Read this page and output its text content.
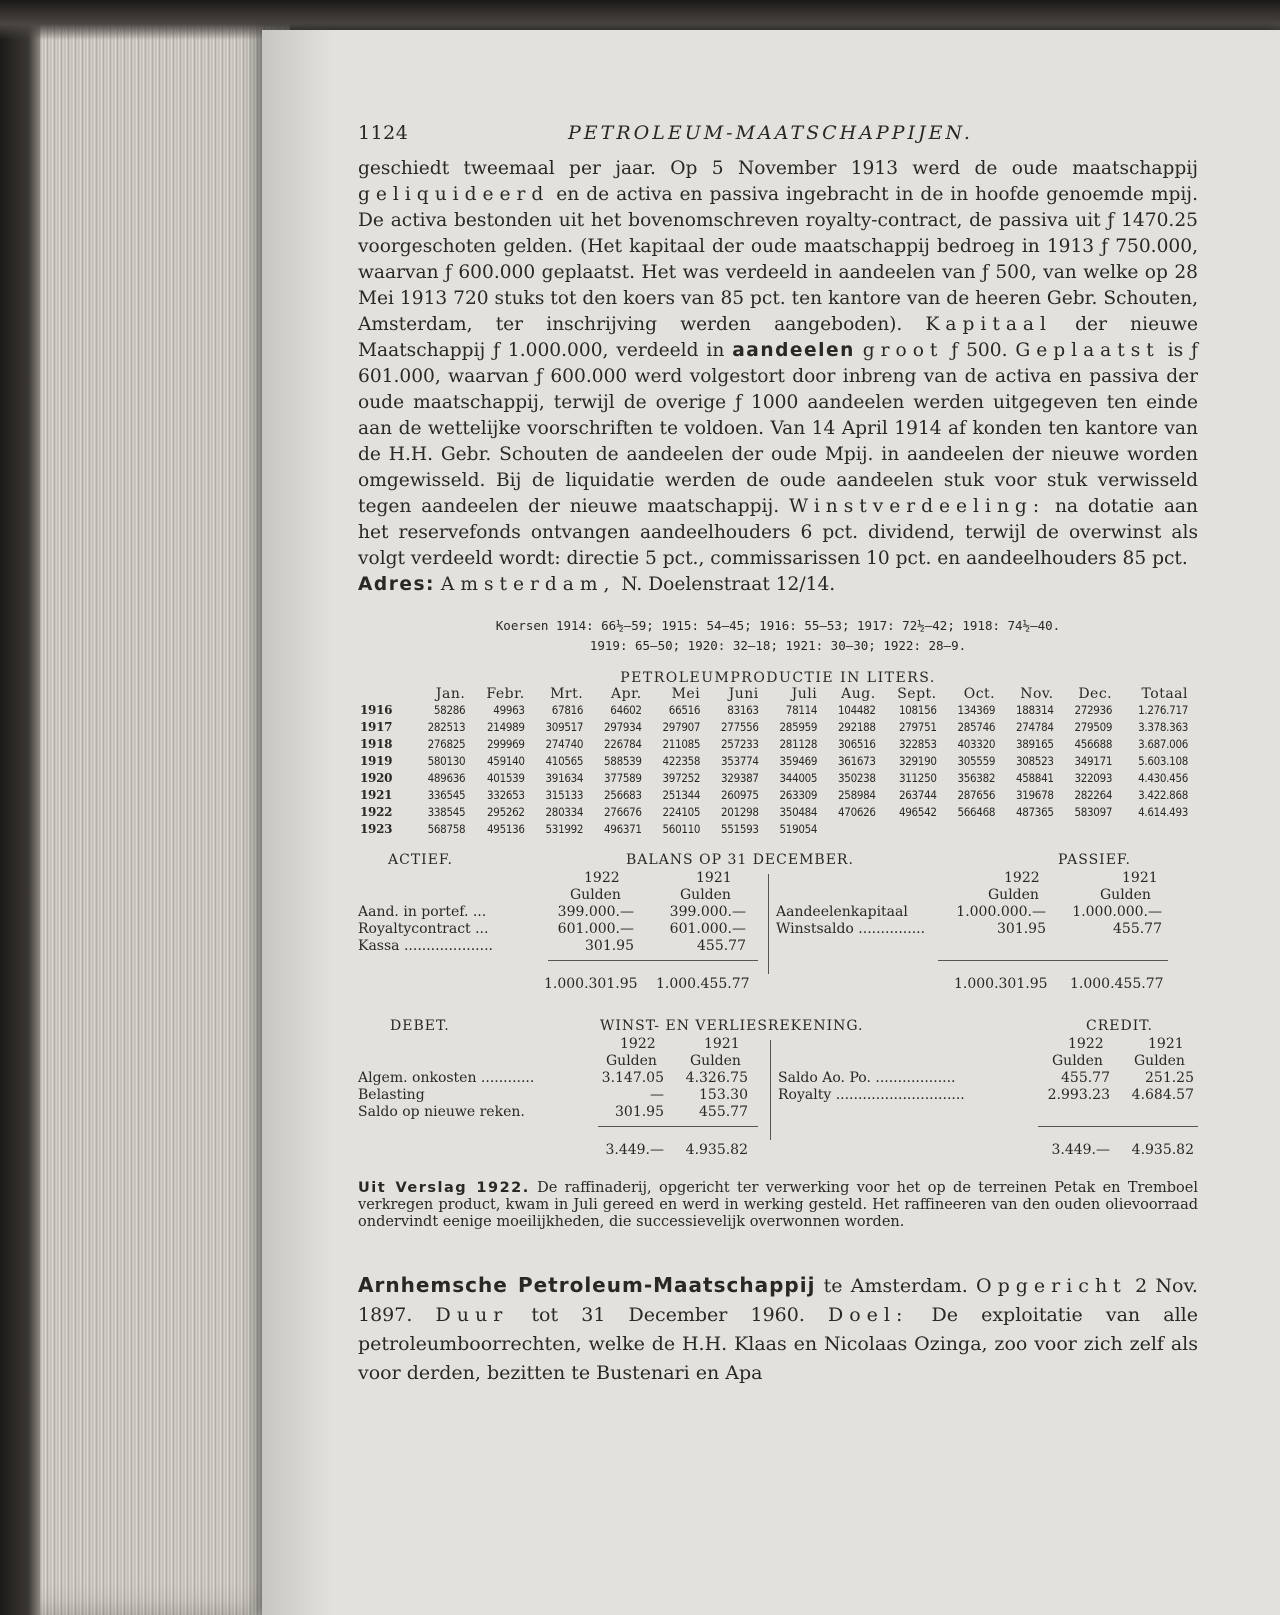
1124	PETROLEUM-MAATSCHAPPIJEN.

geschiedt tweemaal per jaar. Op 5 November 1913 werd de oude maatschappij geliquideerd en de activa en passiva ingebracht in de in hoofde genoemde mpij. De activa bestonden uit het bovenomschreven royalty-contract, de passiva uit ƒ 1470.25 voorgeschoten gelden. (Het kapitaal der oude maatschappij bedroeg in 1913 ƒ 750.000, waarvan ƒ 600.000 geplaatst. Het was verdeeld in aandeelen van ƒ 500, van welke op 28 Mei 1913 720 stuks tot den koers van 85 pct. ten kantore van de heeren Gebr. Schouten, Amsterdam, ter inschrijving werden aangeboden). Kapitaal der nieuwe Maatschappij ƒ 1.000.000, verdeeld in aandeelen groot ƒ 500. Geplaatst is ƒ 601.000, waarvan ƒ 600.000 werd volgestort door inbreng van de activa en passiva der oude maatschappij, terwijl de overige ƒ 1000 aandeelen werden uitgegeven ten einde aan de wettelijke voorschriften te voldoen. Van 14 April 1914 af konden ten kantore van de H.H. Gebr. Schouten de aandeelen der oude Mpij. in aandeelen der nieuwe worden omgewisseld. Bij de liquidatie werden de oude aandeelen stuk voor stuk verwisseld tegen aandeelen der nieuwe maatschappij. Winstverdeeling: na dotatie aan het reservefonds ontvangen aandeelhouders 6 pct. dividend, terwijl de overwinst als volgt verdeeld wordt: directie 5 pct., commissarissen 10 pct. en aandeelhouders 85 pct.

Adres: Amsterdam, N. Doelenstraat 12/14.
Koersen 1914: 66½—59; 1915: 54—45; 1916: 55—53; 1917: 72½—42; 1918: 74½—40.
1919: 65—50; 1920: 32—18; 1921: 30—30; 1922: 28—9.
PETROLEUMPRODUCTIE IN LITERS.
	Jan.	Febr.	Mrt.	Apr.	Mei	Juni	Juli	Aug.	Sept.	Oct.	Nov.	Dec.	Totaal
1916	58286	49963	67816	64602	66516	83163	78114	104482	108156	134369	188314	272936	1.276.717
1917	282513	214989	309517	297934	297907	277556	285959	292188	279751	285746	274784	279509	3.378.363
1918	276825	299969	274740	226784	211085	257233	281128	306516	322853	403320	389165	456688	3.687.006
1919	580130	459140	410565	588539	422358	353774	359469	361673	329190	305559	308523	349171	5.603.108
1920	489636	401539	391634	377589	397252	329387	344005	350238	311250	356382	458841	322093	4.430.456
1921	336545	332653	315133	256683	251344	260975	263309	258984	263744	287656	319678	282264	3.422.868
1922	338545	295262	280334	276676	224105	201298	350484	470626	496542	566468	487365	583097	4.614.493
1923	568758	495136	531992	496371	560110	551593	519054						
ACTIEF.	BALANS OP 31 DECEMBER.	PASSIEF.
1922	1921	1922	1921
Gulden	Gulden	Gulden	Gulden
Aand. in portef. ...	399.000.—	399.000.—
Royaltycontract ...	601.000.—	601.000.—
Kassa ....................	301.95	455.77
Aandeelenkapitaal	1.000.000.— 1.000.000.—
Winstsaldo ...............	301.95	455.77
1.000.301.95 1.000.455.77	1.000.301.95 1.000.455.77
DEBET.	WINST- EN VERLIESREKENING.	CREDIT.
1922	1921	1922	1921
Gulden Gulden	Gulden Gulden
Algem. onkosten ............	3.147.05	4.326.75
Belasting	—	153.30
Saldo op nieuwe reken.	301.95	455.77
Saldo Ao. Po. ..................	455.77	251.25
Royalty .............................	2.993.23	4.684.57
3.449.—	4.935.82	3.449.—	4.935.82
Uit Verslag 1922. De raffinaderij, opgericht ter verwerking voor het op de terreinen Petak en Tremboel verkregen product, kwam in Juli gereed en werd in werking gesteld. Het raffineeren van den ouden olievoorraad ondervindt eenige moeilijkheden, die successievelijk overwonnen worden.
Arnhemsche Petroleum-Maatschappij te Amsterdam. Opgericht 2 Nov. 1897. Duur tot 31 December 1960. Doel: De exploitatie van alle petroleumboorrechten, welke de H.H. Klaas en Nicolaas Ozinga, zoo voor zich zelf als voor derden, bezitten te Bustenari en Apa
